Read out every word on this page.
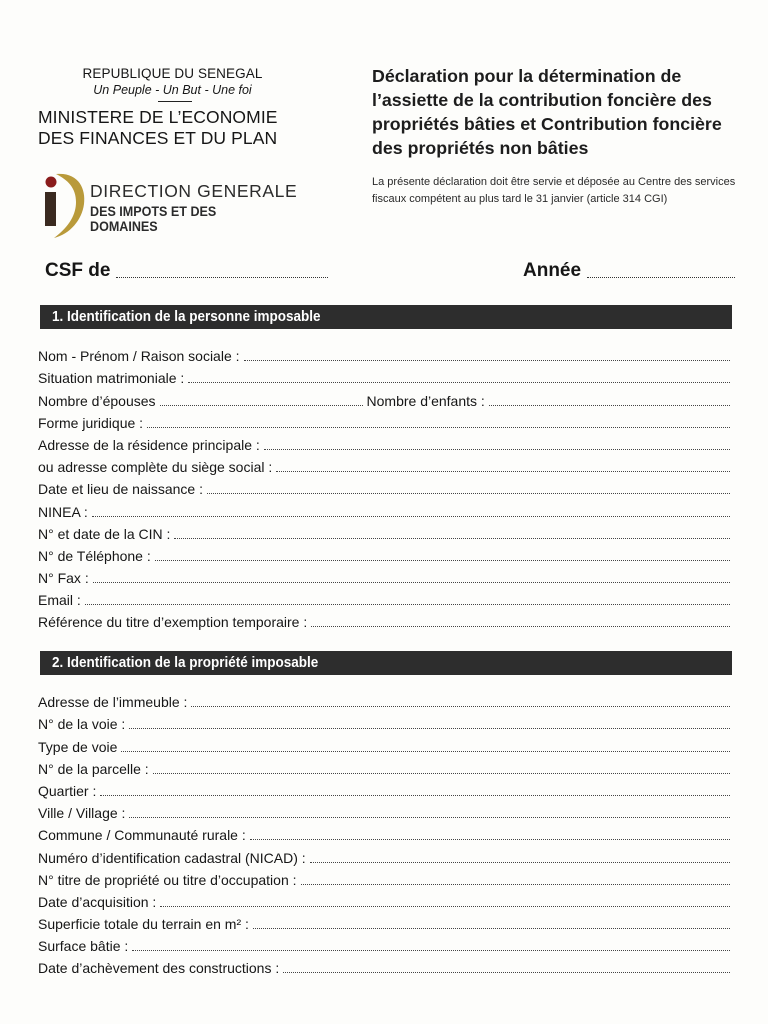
REPUBLIQUE DU SENEGAL
Un Peuple - Un But - Une foi
MINISTERE DE L’ECONOMIE
DES FINANCES ET DU PLAN
DIRECTION GENERALE
DES IMPOTS ET DES DOMAINES
Déclaration pour la détermination de l’assiette de la contribution foncière des propriétés bâties et Contribution foncière des propriétés non bâties
La présente déclaration doit être servie et déposée au Centre des services fiscaux compétent au plus tard le 31 janvier (article 314 CGI)
CSF de	Année
1. Identification de la personne imposable
Nom - Prénom / Raison sociale :
Situation matrimoniale :
Nombre d’épouses	Nombre d’enfants :
Forme juridique :
Adresse de la résidence principale :
ou adresse complète du siège social :
Date et lieu de naissance :
NINEA :
N° et date de la CIN :
N° de Téléphone :
N° Fax :
Email :
Référence du titre d’exemption temporaire :
2. Identification de la propriété imposable
Adresse de l’immeuble :
N° de la voie :
Type de voie
N° de la parcelle :
Quartier :
Ville / Village :
Commune / Communauté rurale :
Numéro d’identification cadastral (NICAD) :
N° titre de propriété ou titre d’occupation :
Date d’acquisition :
Superficie totale du terrain en m² :
Surface bâtie :
Date d’achèvement des constructions :
